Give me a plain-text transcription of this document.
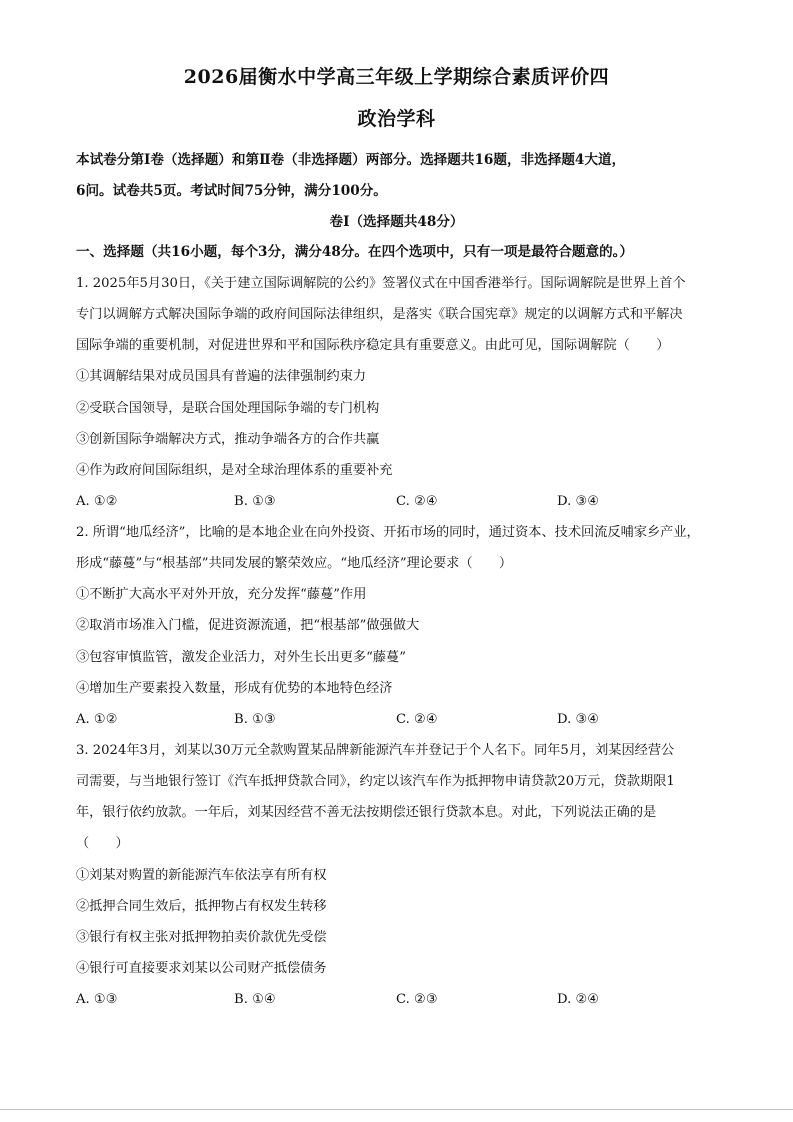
2026届衡水中学高三年级上学期综合素质评价四
政治学科
本试卷分第Ⅰ卷（选择题）和第Ⅱ卷（非选择题）两部分。选择题共16题，非选择题4大道，
6问。试卷共5页。考试时间75分钟，满分100分。
卷Ⅰ（选择题共48分）
一、选择题（共16小题，每个3分，满分48分。在四个选项中，只有一项是最符合题意的。）
1. 2025年5月30日，《关于建立国际调解院的公约》签署仪式在中国香港举行。国际调解院是世界上首个
专门以调解方式解决国际争端的政府间国际法律组织，是落实《联合国宪章》规定的以调解方式和平解决
国际争端的重要机制，对促进世界和平和国际秩序稳定具有重要意义。由此可见，国际调解院（　　）
①其调解结果对成员国具有普遍的法律强制约束力
②受联合国领导，是联合国处理国际争端的专门机构
③创新国际争端解决方式，推动争端各方的合作共赢
④作为政府间国际组织，是对全球治理体系的重要补充
A. ①②	B. ①③	C. ②④	D. ③④
2. 所谓“地瓜经济”，比喻的是本地企业在向外投资、开拓市场的同时，通过资本、技术回流反哺家乡产业，
形成“藤蔓”与“根基部”共同发展的繁荣效应。“地瓜经济”理论要求（　　）
①不断扩大高水平对外开放，充分发挥“藤蔓”作用
②取消市场准入门槛，促进资源流通，把“根基部”做强做大
③包容审慎监管，激发企业活力，对外生长出更多“藤蔓”
④增加生产要素投入数量，形成有优势的本地特色经济
A. ①②	B. ①③	C. ②④	D. ③④
3. 2024年3月，刘某以30万元全款购置某品牌新能源汽车并登记于个人名下。同年5月，刘某因经营公
司需要，与当地银行签订《汽车抵押贷款合同》，约定以该汽车作为抵押物申请贷款20万元，贷款期限1
年，银行依约放款。一年后，刘某因经营不善无法按期偿还银行贷款本息。对此，下列说法正确的是
（　　）
①刘某对购置的新能源汽车依法享有所有权
②抵押合同生效后，抵押物占有权发生转移
③银行有权主张对抵押物拍卖价款优先受偿
④银行可直接要求刘某以公司财产抵偿债务
A. ①③	B. ①④	C. ②③	D. ②④
